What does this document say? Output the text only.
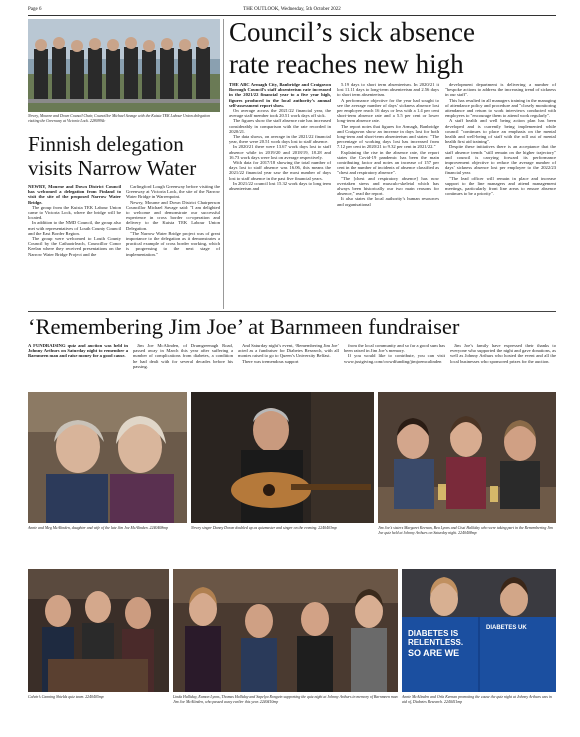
Page 6	THE OUTLOOK, Wednesday, 5th October 2022
Newry, Mourne and Down Council Chair, Councillor Michael Savage with the Kuista TEK Labour Union delegation visiting the Greenway at Victoria Lock. 2280994c
Finnish delegation
visits Narrow Water

NEWRY, Mourne and Down District Council has welcomed a delegation from Finland to visit the site of the proposed Narrow Water Bridge.

The group from the Kuista TEK Labour Union came to Victoria Lock, where the bridge will be located.

In addition to the NMD Council, the group also met with representatives of Louth County Council and the East Border Region.

The group were welcomed to Louth County Council by the Cathaoirleach, Councillor Conor Keelan where they received presentations on the Narrow Water Bridge Project and the

Carlingford Lough Greenway before visiting the Greenway at Victoria Lock, the site of the Narrow Water Bridge in Warrenpoint.

Newry, Mourne and Down District Chairperson Councillor Michael Savage said: "I am delighted to welcome and demonstrate our successful experience in cross border co-operation and delivery to the Kuista TEK Labour Union Delegation.

"The Narrow Water Bridge project was of great importance to the delegation as it demonstrates a practical example of cross border working, which is progressing to the next stage of implementation."

Council’s sick absence
rate reaches new high

THE ABC Armagh City, Banbridge and Craigavon Borough Council’s staff absenteeism rate increased in the 2021/22 financial year to a five year high, figures produced in the local authority’s annual self-assessment report show.

On average across the 2021/22 financial year, the average staff member took 20.51 work days off sick.

The figures show the staff absence rate has increased considerably in comparison with the rate recorded in 2020/21.

The data shows, on average in the 2021/22 financial year, there were 20.51 work days lost to staff absence.

In 2020/21 there were 13.67 work days lost to staff absence while in 2019/20 and 2018/19, 18.28 and 16.73 work days were lost on average respectively.

With data for 2017/18 showing the total number of days lost to staff absence was 16.06, this means the 2021/22 financial year saw the most number of days lost to staff absence in the past five financial years.

In 2021/22 council lost 15.32 work days to long term absenteeism and

5.19 days to short term absenteeism. In 2020/21 it lost 11.11 days to long-term absenteeism and 2.56 days to short term absenteeism.

A performance objective for the year had sought to see the average number of days’ sickness absence lost per employee reach 16 days or less with a 1.4 per cent short-term absence rate and a 5.5 per cent or lower long-term absence rate.

The report notes that figures for Armagh, Banbridge and Craigavon show an increase in days lost for both long-term and short-term absenteeism and states: "The percentage of working days lost has increased from 7.12 per cent in 2020/21 to 9.32 per cent in 2021/22."

Explaining the rise in the absence rate, the report states the Covid-19 pandemic has been the main contributing factor and notes an increase of 157 per cent in the number of incidents of absence classified as "chest and respiratory absence".

"The [chest and respiratory absence] has now overtaken stress and musculo-skeletal which has always been historically our two main reasons for absence," read the report.

It also states the local authority’s human resources and organisational

development department is delivering a number of "bespoke actions to address the increasing trend of sickness in our staff".

This has resulted in all managers training in the managing of attendance policy and procedure and "closely monitoring attendance and return to work interviews conducted with employees to "encourage them to attend work regularly".

A staff health and well being action plan has been developed and is currently being implemented while council "continues to place an emphasis on the mental health and well-being of staff with the roll out of mental health first aid training".

Despite these initiatives there is an acceptance that the staff absence trends "still remain on the higher trajectory" and council is carrying forward its performance improvement objective to reduce the average number of days’ sickness absence lost per employee to the 2022/23 financial year.

"The lead officer will remain in place and increase support to the line managers and attend management meetings, particularly front line areas to ensure absence continues to be a priority".

‘Remembering Jim Joe’ at Barnmeen fundraiser

A FUNDRAISING quiz and auction was held in Johnny Arthurs on Saturday night to remember a Barnmeen man and raise money for a good cause.

Jim Joe McAlinden, of Drumgreenagh Road, passed away in March this year after suffering a number of complications from diabetes, a condition he had dealt with for several decades before his passing.

And Saturday night’s event, ‘Remembering Jim Joe’ acted as a fundraiser for Diabetes Research, with all monies raised to go to Queen’s University Belfast.

There was tremendous support

from the local community and so far a good sum has been raised in Jim Joe’s memory.

If you would like to contribute, you can visit www.justgiving.com/crowdfunding/jimjoemcalinden

Jim Joe’s family have expressed their thanks to everyone who supported the night and gave donations, as well as Johnny Arthurs who hosted the event and all the local businesses who sponsored prizes for the auction.

Annie and Meg McAlinden, daughter and wife of the late Jim Joe McAlinden. 2240408mp	Newry singer Danny Doran doubled up as quizmaster and singer on the evening. 2240403mp	Jim Joe’s sisters Margaret Keenan, Bea Lyons and Cissi Halliday who were taking part in the Remembering Jim Joe quiz held at Johnny Arthurs on Saturday night. 2240408mp
Calvin’s Canning Shields quiz team. 2240405mp	Linda Halliday, Eamon Lyons, Thomas Halliday and Sapelya Rongvin supporting the quiz night at Johnny Arthurs in memory of Barnmeen man Jim Joe McAlinden, who passed away earlier this year. 2240410mp
DIABETES IS
RELENTLESS.
SO ARE WE
DIABETES UK
Annie McAlinden and Orla Keenan promoting the cause the quiz night at Johnny Arthurs was in aid of, Diabetes Research. 2240411mp
